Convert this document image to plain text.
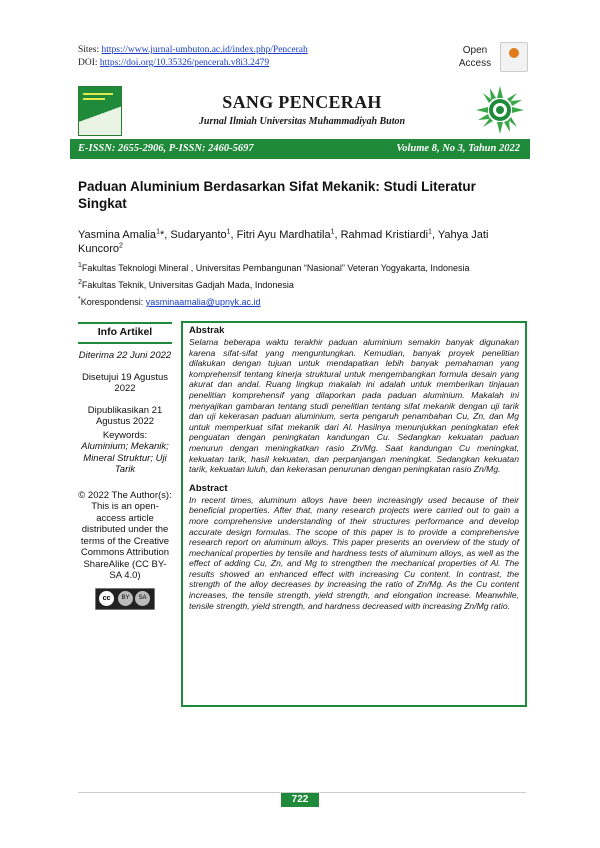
Sites: https://www.jurnal-umbuton.ac.id/index.php/Pencerah
DOI: https://doi.org/10.35326/pencerah.v8i3.2479
Open
Access
SANG PENCERAH
Jurnal Ilmiah Universitas Muhammadiyah Buton
E-ISSN: 2655-2906, P-ISSN: 2460-5697	Volume 8, No 3, Tahun 2022
Paduan Aluminium Berdasarkan Sifat Mekanik: Studi Literatur Singkat
Yasmina Amalia$^1$*, Sudaryanto$^1$, Fitri Ayu Mardhatila$^1$, Rahmad Kristiardi$^1$, Yahya Jati Kuncoro$^2$
$^1$Fakultas Teknologi Mineral , Universitas Pembangunan “Nasional” Veteran Yogyakarta, Indonesia
$^2$Fakultas Teknik, Universitas Gadjah Mada, Indonesia
*Korespondensi: yasminaamalia@upnyk.ac.id
Info Artikel
Diterima 22 Juni 2022
Disetujui 19 Agustus 2022
Dipublikasikan 21 Agustus 2022
Keywords:
Aluminium; Mekanik; Mineral Struktur; Uji Tarik
© 2022 The Author(s): This is an open-access article distributed under the terms of the Creative Commons Attribution ShareAlike (CC BY-SA 4.0)
cc	BY	SA
Abstrak

Selama beberapa waktu terakhir paduan aluminium semakin banyak digunakan karena sifat-sifat yang menguntungkan. Kemudian, banyak proyek penelitian dilakukan dengan tujuan untuk mendapatkan lebih banyak pemahaman yang komprehensif tentang kinerja struktural untuk mengembangkan formula desain yang akurat dan andal. Ruang lingkup makalah ini adalah untuk memberikan tinjauan penelitian komprehensif yang dilaporkan pada paduan aluminium. Makalah ini menyajikan gambaran tentang studi penelitian tentang sifat mekanik dengan uji tarik dan uji kekerasan paduan aluminium, serta pengaruh penambahan Cu, Zn, dan Mg untuk memperkuat sifat mekanik dari Al. Hasilnya menunjukkan peningkatan efek penguatan dengan peningkatan kandungan Cu. Sedangkan kekuatan paduan menurun dengan meningkatkan rasio Zn/Mg. Saat kandungan Cu meningkat, kekuatan tarik, hasil kekuatan, dan perpanjangan meningkat. Sedangkan kekuatan tarik, kekuatan luluh, dan kekerasan penurunan dengan peningkatan rasio Zn/Mg.

Abstract

In recent times, aluminum alloys have been increasingly used because of their beneficial properties. After that, many research projects were carried out to gain a more comprehensive understanding of their structures performance and develop accurate design formulas. The scope of this paper is to provide a comprehensive research report on aluminum alloys. This paper presents an overview of the study of mechanical properties by tensile and hardness tests of aluminum alloys, as well as the effect of adding Cu, Zn, and Mg to strengthen the mechanical properties of Al. The results showed an enhanced effect with increasing Cu content. In contrast, the strength of the alloy decreases by increasing the ratio of Zn/Mg. As the Cu content increases, the tensile strength, yield strength, and elongation increase. Meanwhile, tensile strength, yield strength, and hardness decreased with increasing Zn/Mg ratio.

722
